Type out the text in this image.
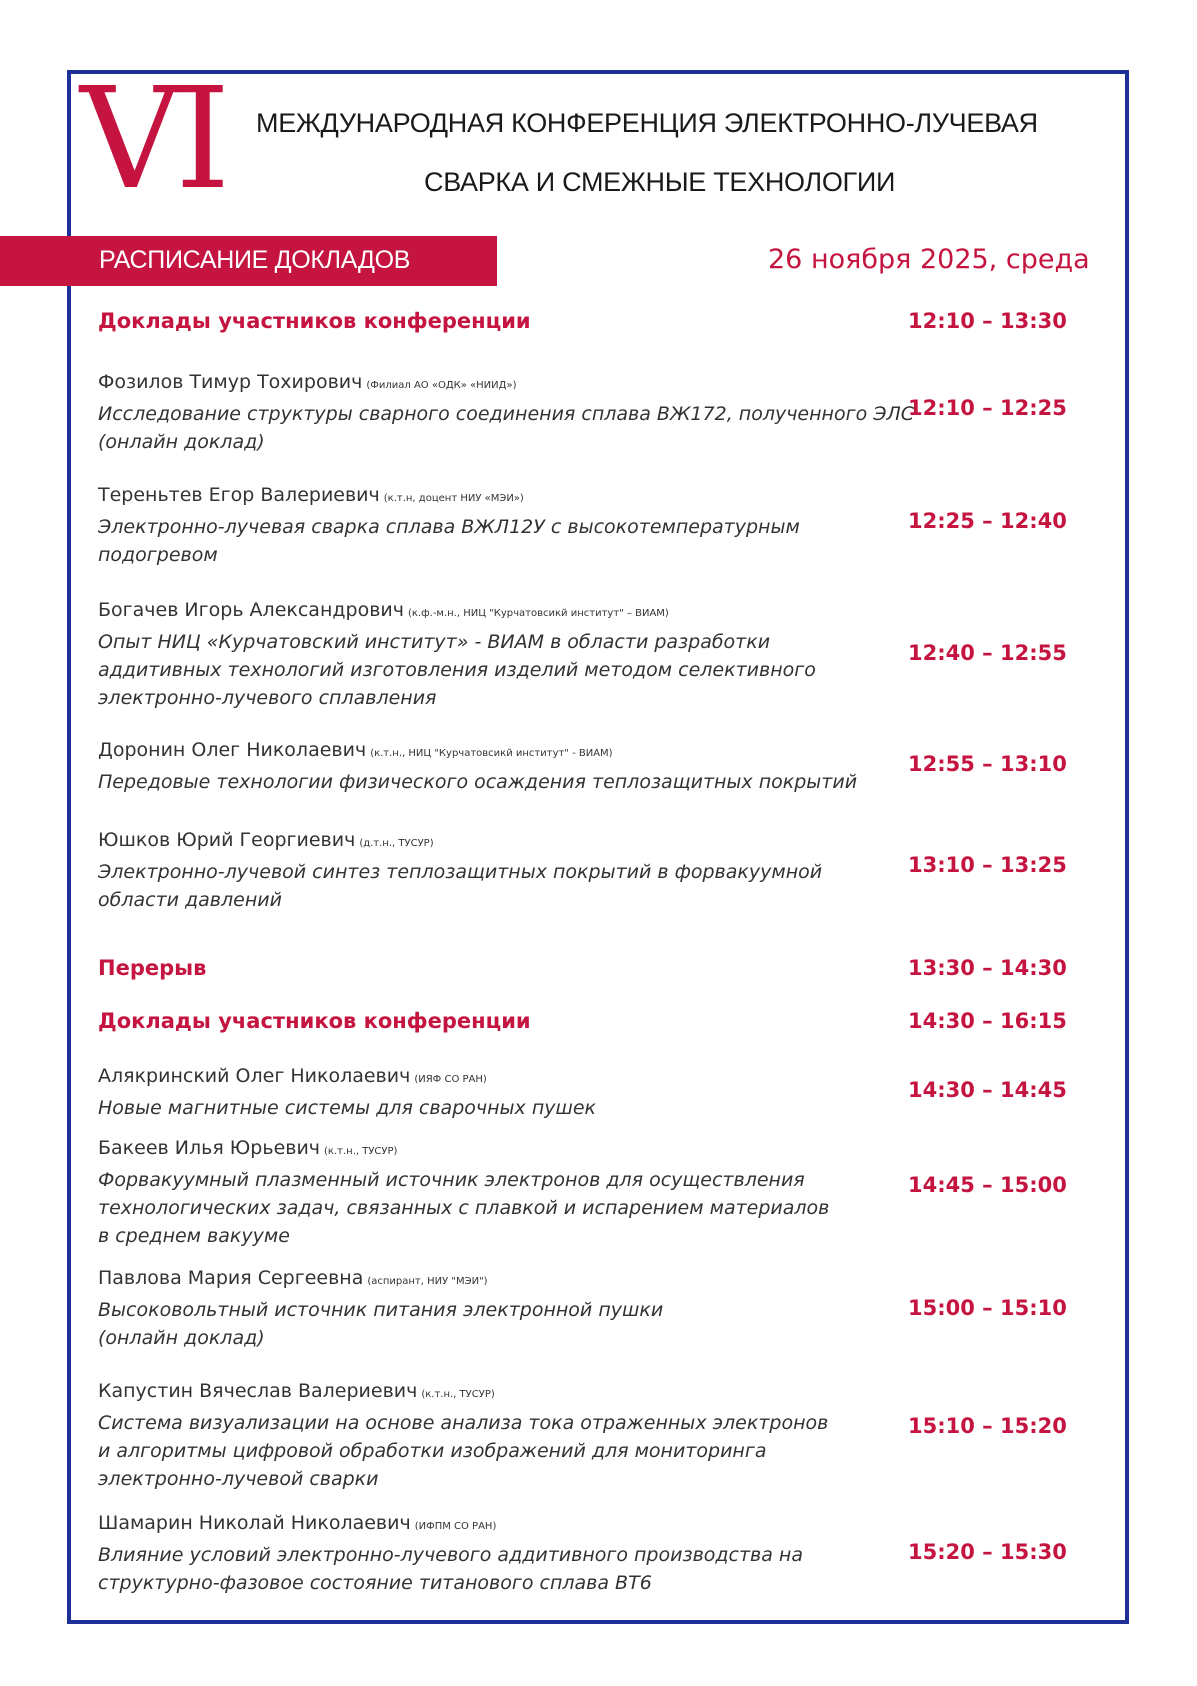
VI МЕЖДУНАРОДНАЯ КОНФЕРЕНЦИЯ ЭЛЕКТРОННО-ЛУЧЕВАЯ
СВАРКА И СМЕЖНЫЕ ТЕХНОЛОГИИ
РАСПИСАНИЕ ДОКЛАДОВ	26 ноября 2025, среда
Доклады участников конференции	12:10 – 13:30
Фозилов Тимур Тохирович (Филиал АО «ОДК» «НИИД»)
Исследование структуры сварного соединения сплава ВЖ172, полученного ЭЛС
(онлайн доклад)
12:10 – 12:25
Тереньтев Егор Валериевич (к.т.н, доцент НИУ «МЭИ»)
Электронно-лучевая сварка сплава ВЖЛ12У с высокотемпературным
подогревом
12:25 – 12:40
Богачев Игорь Александрович (к.ф.-м.н., НИЦ "Курчатовсикй институт" – ВИАМ)
Опыт НИЦ «Курчатовский институт» - ВИАМ в области разработки
аддитивных технологий изготовления изделий методом селективного
электронно-лучевого сплавления
12:40 – 12:55
Доронин Олег Николаевич (к.т.н., НИЦ "Курчатовсикй институт" - ВИАМ)
Передовые технологии физического осаждения теплозащитных покрытий
12:55 – 13:10
Юшков Юрий Георгиевич (д.т.н., ТУСУР)
Электронно-лучевой синтез теплозащитных покрытий в форвакуумной
области давлений
13:10 – 13:25
Перерыв	13:30 – 14:30
Доклады участников конференции	14:30 – 16:15
Алякринский Олег Николаевич (ИЯФ СО РАН)
Новые магнитные системы для сварочных пушек
14:30 – 14:45
Бакеев Илья Юрьевич (к.т.н., ТУСУР)
Форвакуумный плазменный источник электронов для осуществления
технологических задач, связанных с плавкой и испарением материалов
в среднем вакууме
14:45 – 15:00
Павлова Мария Сергеевна (аспирант, НИУ "МЭИ")
Высоковольтный источник питания электронной пушки
(онлайн доклад)
15:00 – 15:10
Капустин Вячеслав Валериевич (к.т.н., ТУСУР)
Система визуализации на основе анализа тока отраженных электронов
и алгоритмы цифровой обработки изображений для мониторинга
электронно-лучевой сварки
15:10 – 15:20
Шамарин Николай Николаевич (ИФПМ СО РАН)
Влияние условий электронно-лучевого аддитивного производства на
структурно-фазовое состояние титанового сплава ВТ6
15:20 – 15:30
